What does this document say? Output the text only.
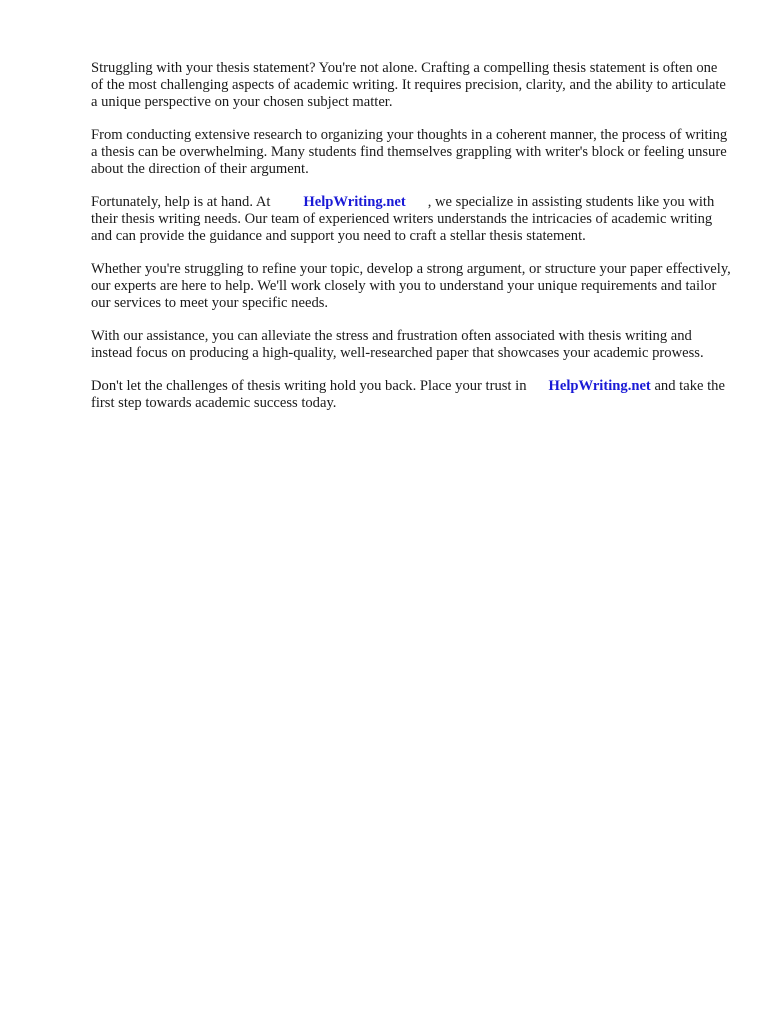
Struggling with your thesis statement? You're not alone. Crafting a compelling thesis statement is often one of the most challenging aspects of academic writing. It requires precision, clarity, and the ability to articulate a unique perspective on your chosen subject matter.

From conducting extensive research to organizing your thoughts in a coherent manner, the process of writing a thesis can be overwhelming. Many students find themselves grappling with writer's block or feeling unsure about the direction of their argument.

Fortunately, help is at hand. At HelpWriting.net , we specialize in assisting students like you with their thesis writing needs. Our team of experienced writers understands the intricacies of academic writing and can provide the guidance and support you need to craft a stellar thesis statement.

Whether you're struggling to refine your topic, develop a strong argument, or structure your paper effectively, our experts are here to help. We'll work closely with you to understand your unique requirements and tailor our services to meet your specific needs.

With our assistance, you can alleviate the stress and frustration often associated with thesis writing and instead focus on producing a high-quality, well-researched paper that showcases your academic prowess.

Don't let the challenges of thesis writing hold you back. Place your trust in HelpWriting.net and take the first step towards academic success today.
